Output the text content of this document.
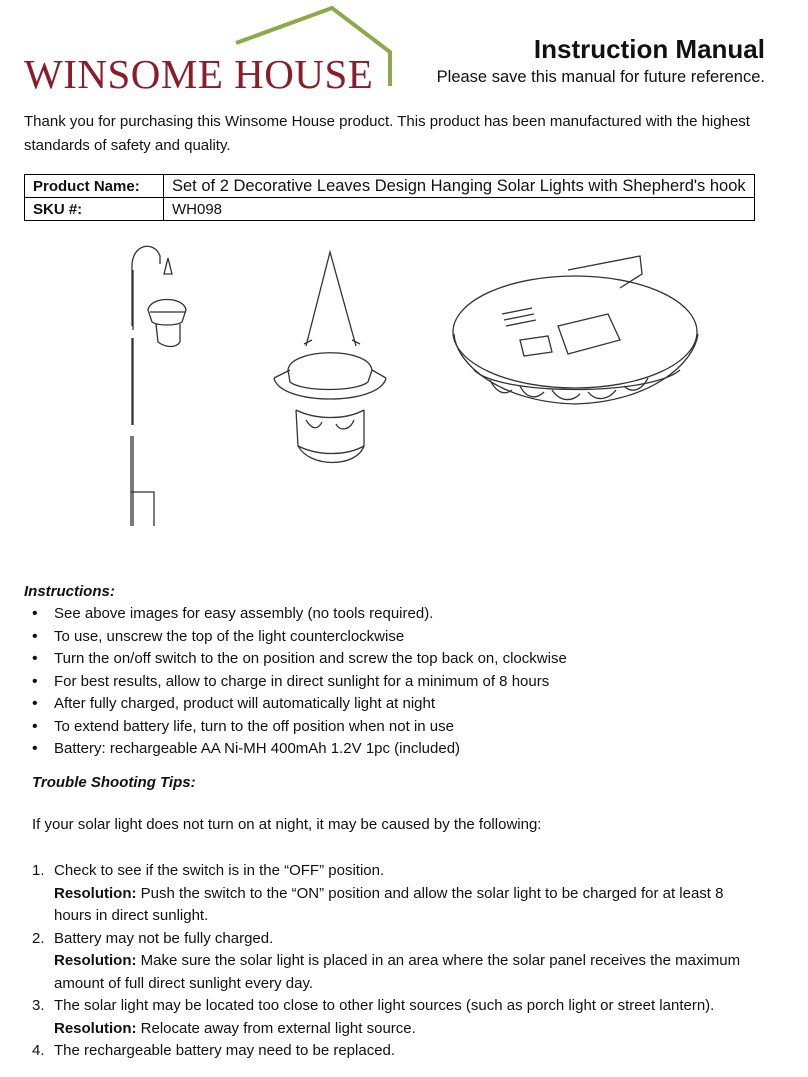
WINSOME HOUSE
Instruction Manual
Please save this manual for future reference.
Thank you for purchasing this Winsome House product. This product has been manufactured with the highest standards of safety and quality.
Product Name:	Set of 2 Decorative Leaves Design Hanging Solar Lights with Shepherd's hook
SKU #:	WH098
Instructions:
• See above images for easy assembly (no tools required).
• To use, unscrew the top of the light counterclockwise
• Turn the on/off switch to the on position and screw the top back on, clockwise
• For best results, allow to charge in direct sunlight for a minimum of 8 hours
• After fully charged, product will automatically light at night
• To extend battery life, turn to the off position when not in use
• Battery: rechargeable AA Ni-MH 400mAh 1.2V 1pc (included)
Trouble Shooting Tips:
If your solar light does not turn on at night, it may be caused by the following:
1. Check to see if the switch is in the “OFF” position.
Resolution: Push the switch to the “ON” position and allow the solar light to be charged for at least 8 hours in direct sunlight.
2. Battery may not be fully charged.
Resolution: Make sure the solar light is placed in an area where the solar panel receives the maximum amount of full direct sunlight every day.
3. The solar light may be located too close to other light sources (such as porch light or street lantern).
Resolution: Relocate away from external light source.
4. The rechargeable battery may need to be replaced.
